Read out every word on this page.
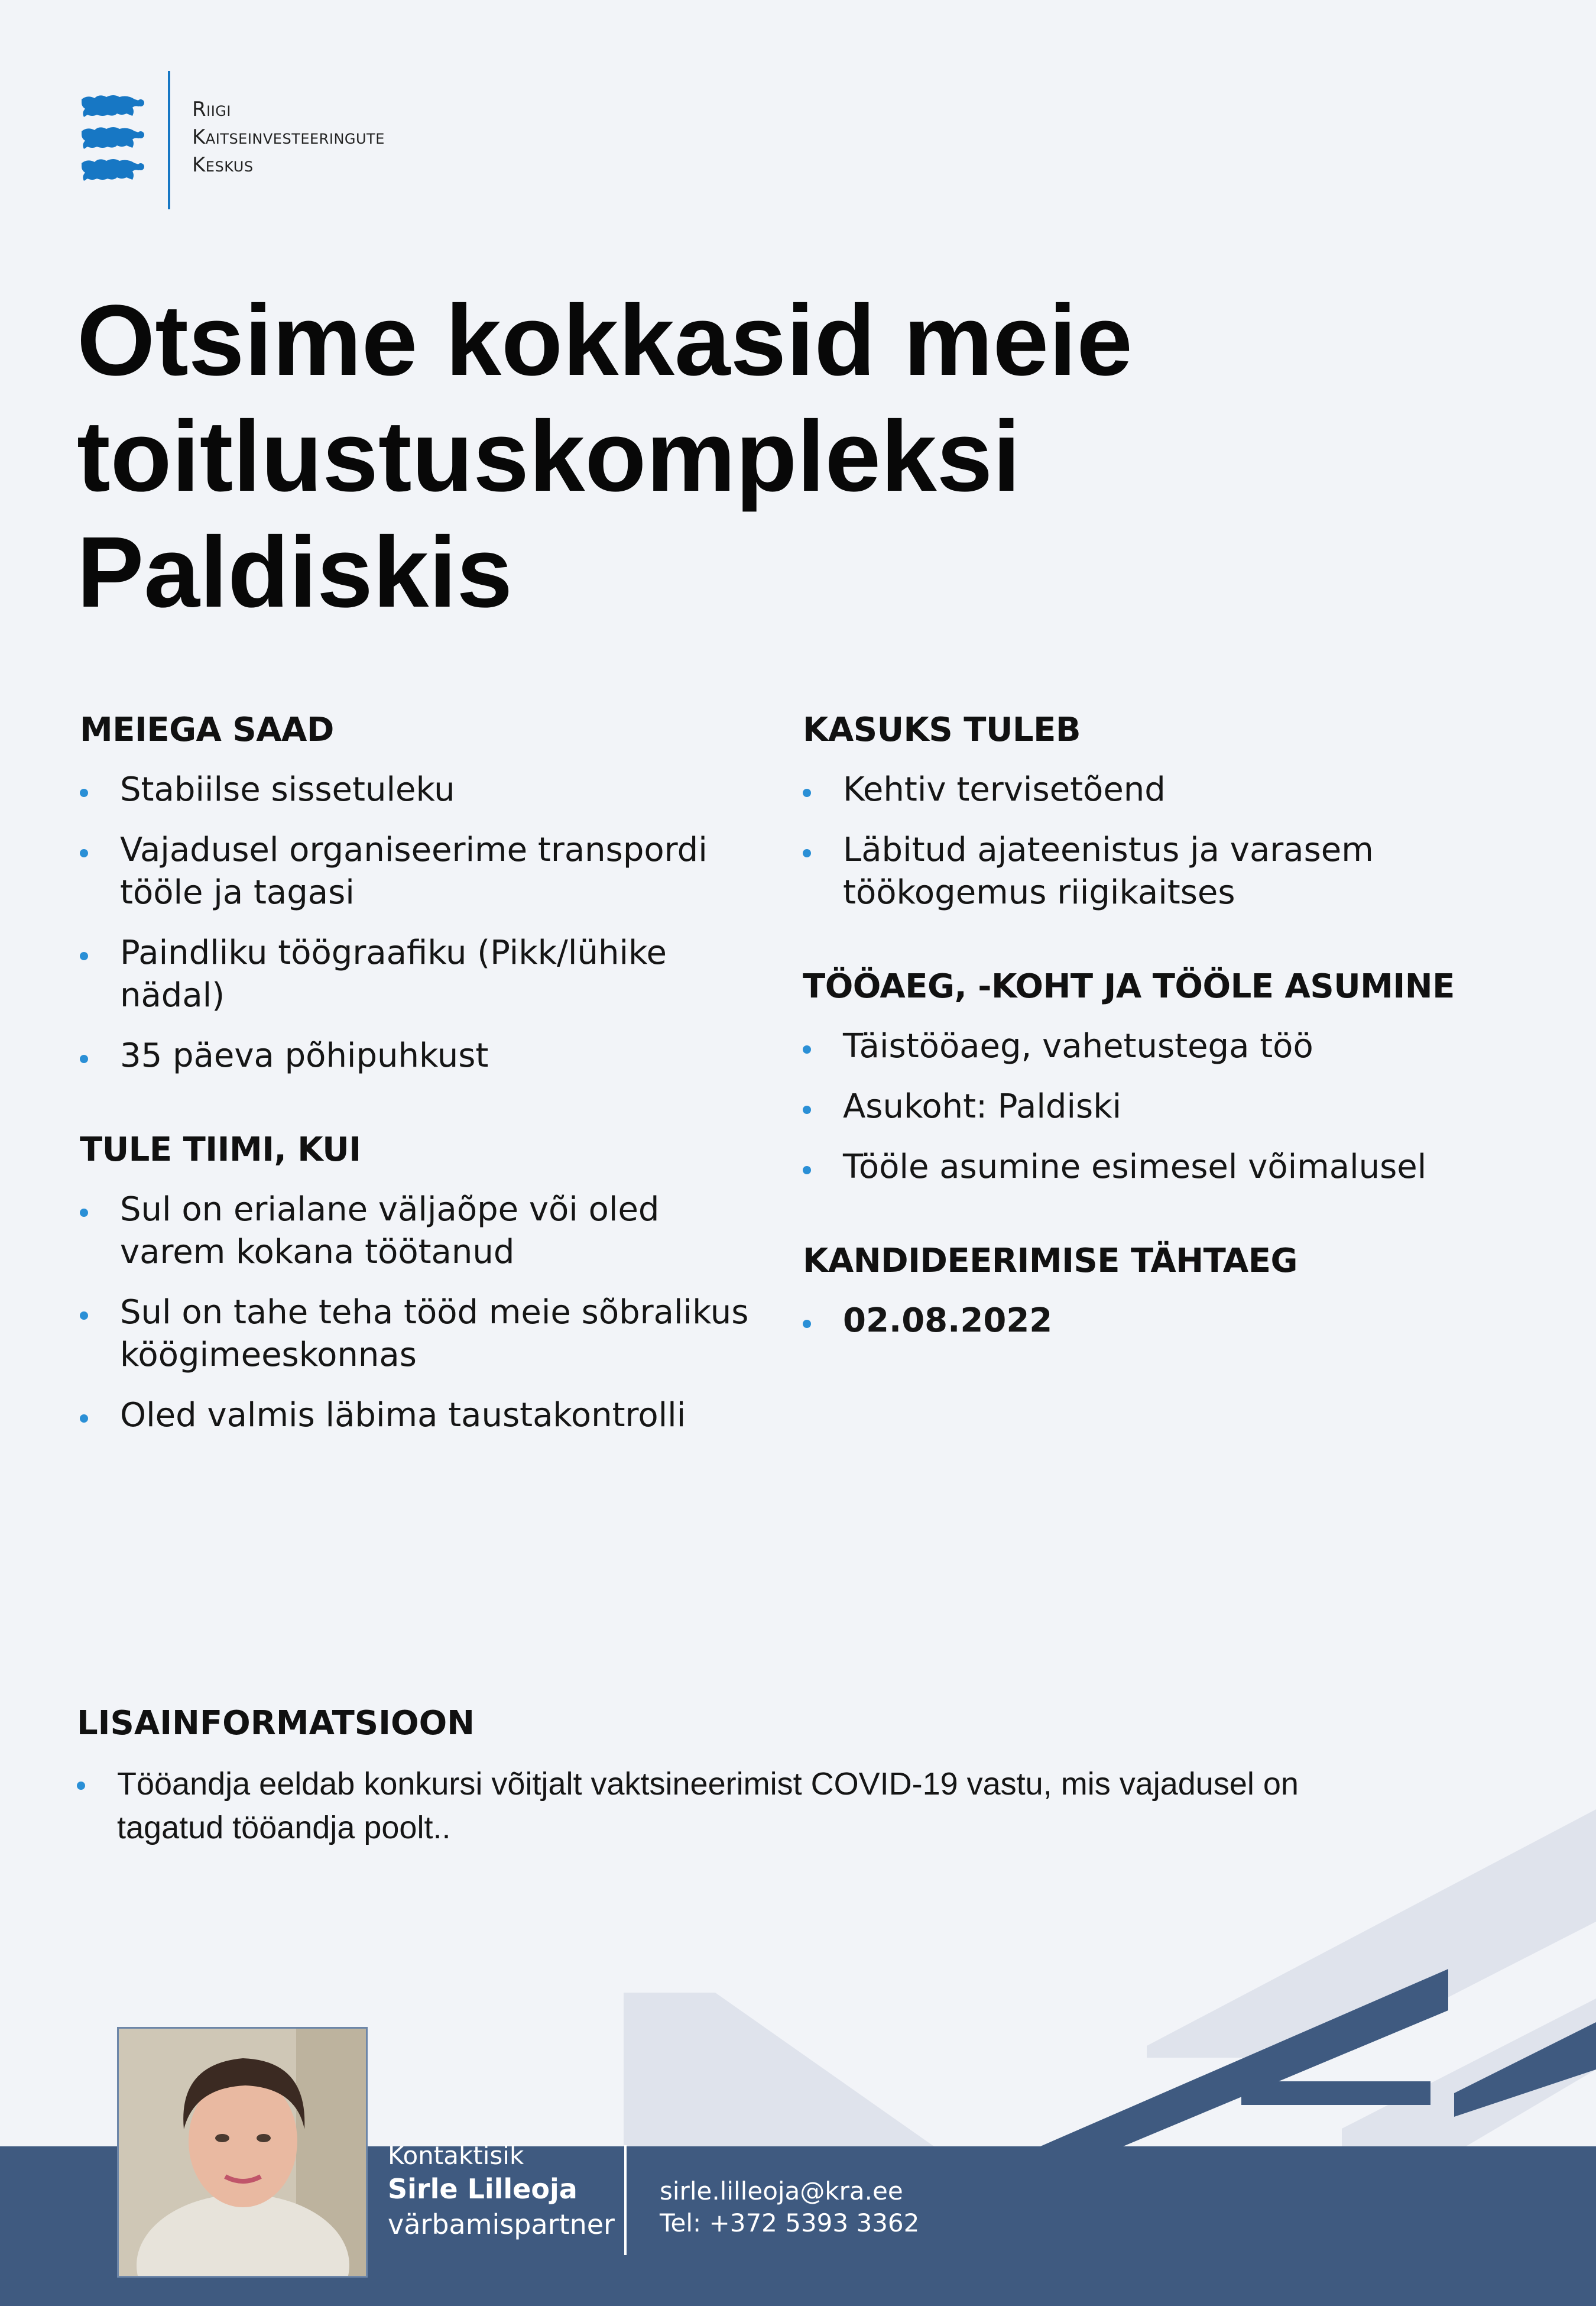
Riigi
Kaitseinvesteeringute
Keskus
Otsime kokkasid meie
toitlustuskompleksi
Paldiskis
MEIEGA SAAD
Stabiilse sissetuleku
Vajadusel organiseerime transpordi tööle ja tagasi
Paindliku töögraafiku (Pikk/lühike nädal)
35 päeva põhipuhkust
TULE TIIMI, KUI
Sul on erialane väljaõpe või oled varem kokana töötanud
Sul on tahe teha tööd meie sõbralikus köögimeeskonnas
Oled valmis läbima taustakontrolli
KASUKS TULEB
Kehtiv tervisetõend
Läbitud ajateenistus ja varasem töökogemus riigikaitses
TÖÖAEG, -KOHT JA TÖÖLE ASUMINE
Täistööaeg, vahetustega töö
Asukoht: Paldiski
Tööle asumine esimesel võimalusel
KANDIDEERIMISE TÄHTAEG
02.08.2022
Kontaktisik
Sirle Lilleoja
värbamispartner
sirle.lilleoja@kra.ee
Tel: +372 5393 3362
LISAINFORMATSIOON
Tööandja eeldab konkursi võitjalt vaktsineerimist COVID-19 vastu, mis vajadusel on tagatud tööandja poolt..
